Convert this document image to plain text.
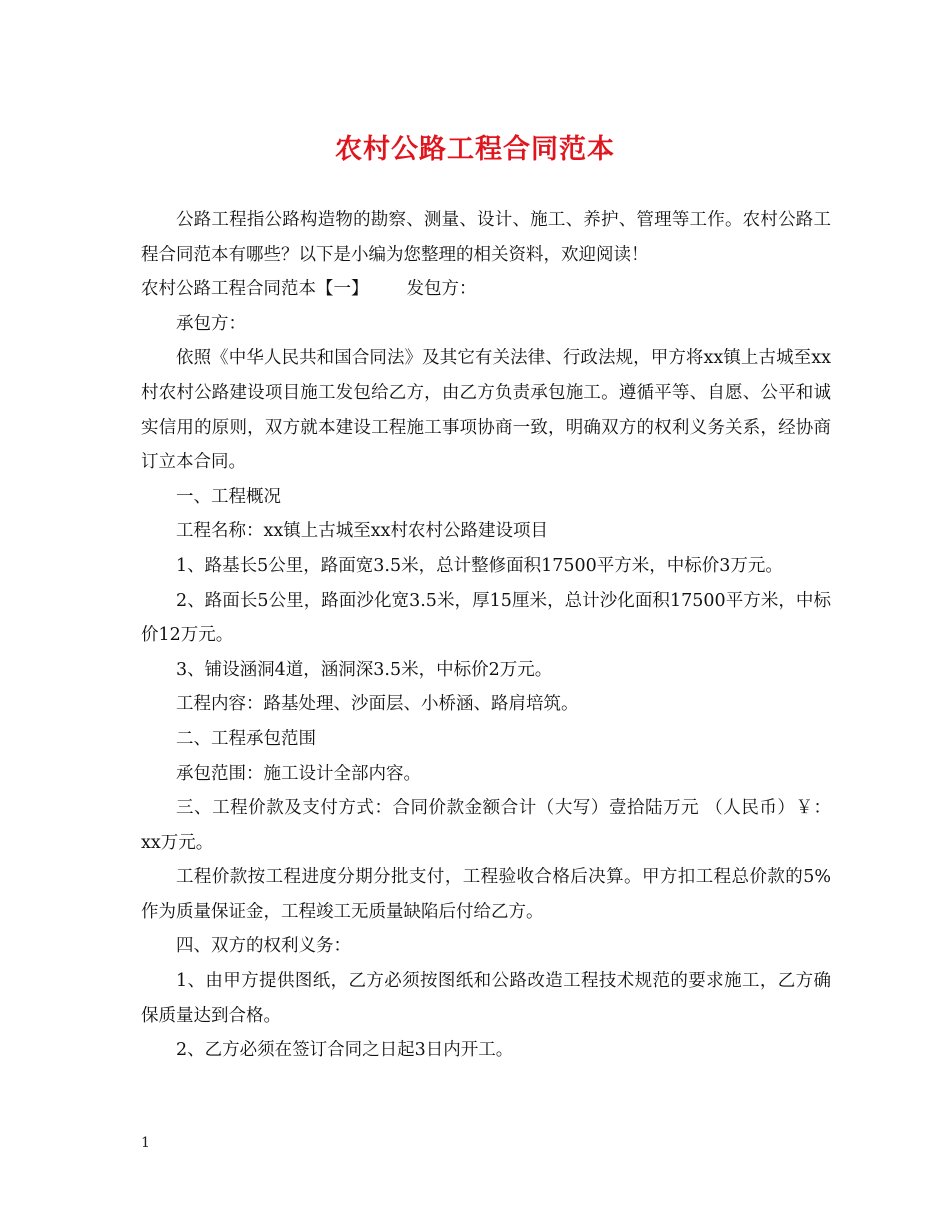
农村公路工程合同范本

公路工程指公路构造物的勘察、测量、设计、施工、养护、管理等工作。农村公路工程合同范本有哪些？以下是小编为您整理的相关资料，欢迎阅读！

农村公路工程合同范本【一】 发包方：

承包方：

依照《中华人民共和国合同法》及其它有关法律、行政法规，甲方将xx镇上古城至xx村农村公路建设项目施工发包给乙方，由乙方负责承包施工。遵循平等、自愿、公平和诚实信用的原则，双方就本建设工程施工事项协商一致，明确双方的权利义务关系，经协商订立本合同。

一、工程概况

工程名称：xx镇上古城至xx村农村公路建设项目

1、路基长5公里，路面宽3.5米，总计整修面积17500平方米，中标价3万元。

2、路面长5公里，路面沙化宽3.5米，厚15厘米，总计沙化面积17500平方米，中标价12万元。

3、铺设涵洞4道，涵洞深3.5米，中标价2万元。

工程内容：路基处理、沙面层、小桥涵、路肩培筑。

二、工程承包范围

承包范围：施工设计全部内容。

三、工程价款及支付方式：合同价款金额合计（大写）壹拾陆万元 （人民币）￥：xx万元。

工程价款按工程进度分期分批支付，工程验收合格后决算。甲方扣工程总价款的5%作为质量保证金，工程竣工无质量缺陷后付给乙方。

四、双方的权利义务：

1、由甲方提供图纸，乙方必须按图纸和公路改造工程技术规范的要求施工，乙方确保质量达到合格。

2、乙方必须在签订合同之日起3日内开工。

1
